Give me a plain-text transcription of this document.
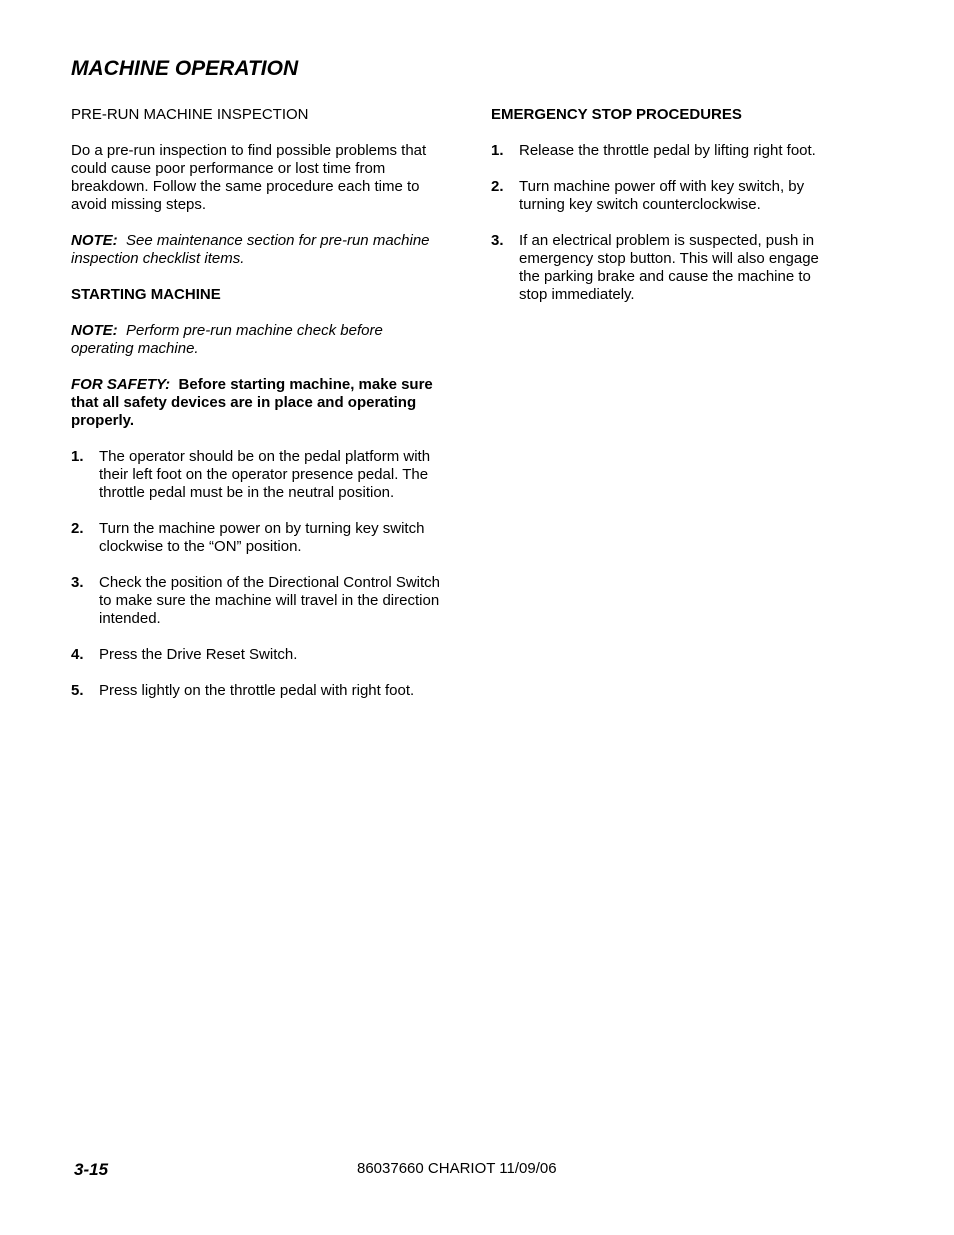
MACHINE OPERATION

PRE-RUN MACHINE INSPECTION

Do a pre-run inspection to find possible problems that could cause poor performance or lost time from breakdown. Follow the same procedure each time to avoid missing steps.

NOTE: See maintenance section for pre-run machine inspection checklist items.

STARTING MACHINE

NOTE: Perform pre-run machine check before operating machine.

FOR SAFETY: Before starting machine, make sure that all safety devices are in place and operating properly.

1. The operator should be on the pedal platform with their left foot on the operator presence pedal. The throttle pedal must be in the neutral position.
2. Turn the machine power on by turning key switch clockwise to the “ON” position.
3. Check the position of the Directional Control Switch to make sure the machine will travel in the direction intended.
4. Press the Drive Reset Switch.
5. Press lightly on the throttle pedal with right foot.

EMERGENCY STOP PROCEDURES

1. Release the throttle pedal by lifting right foot.
2. Turn machine power off with key switch, by turning key switch counterclockwise.
3. If an electrical problem is suspected, push in emergency stop button. This will also engage the parking brake and cause the machine to stop immediately.
3-15	86037660 CHARIOT 11/09/06
